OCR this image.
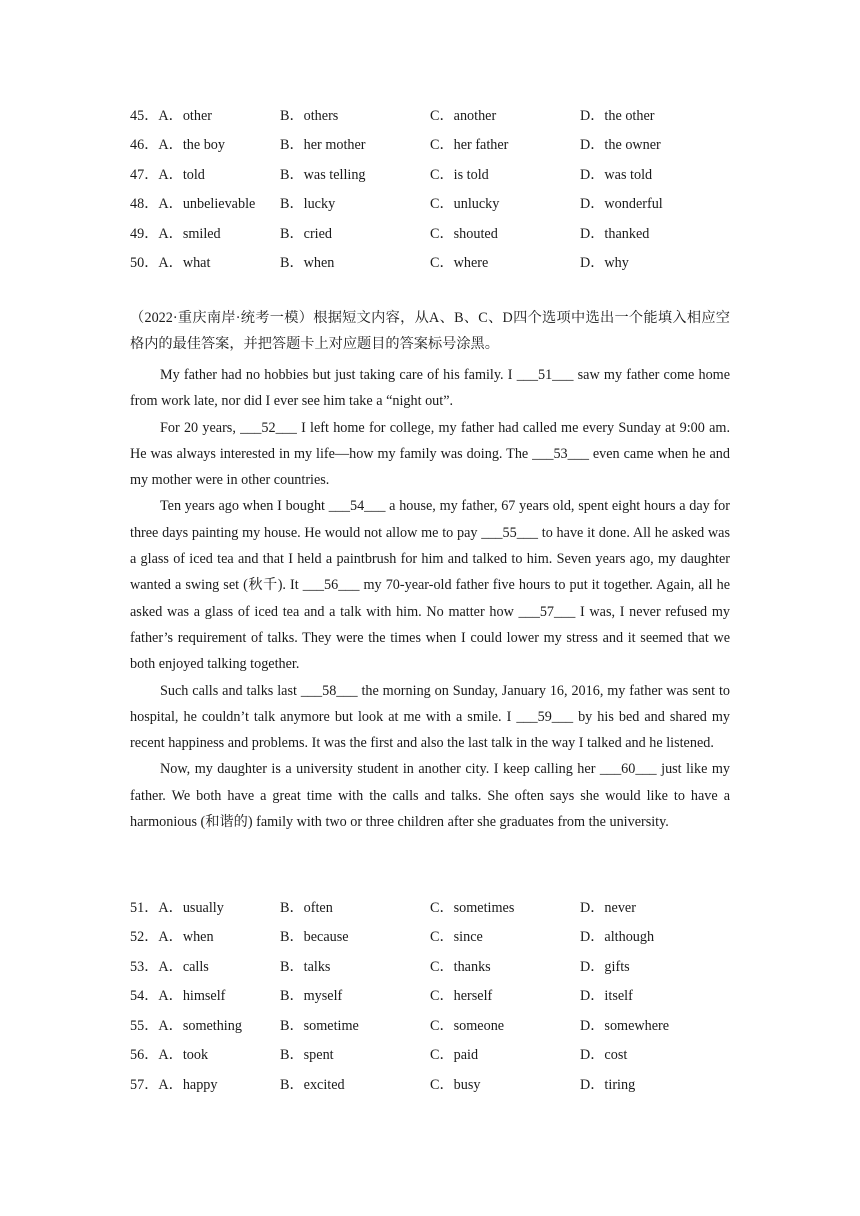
45．A．other	B．others	C．another	D．the other
46．A．the boy	B．her mother	C．her father	D．the owner
47．A．told	B．was telling	C．is told	D．was told
48．A．unbelievable	B．lucky	C．unlucky	D．wonderful
49．A．smiled	B．cried	C．shouted	D．thanked
50．A．what	B．when	C．where	D．why
（2022·重庆南岸·统考一模）根据短文内容，从A、B、C、D四个选项中选出一个能填入相应空格内的最佳答案，并把答题卡上对应题目的答案标号涂黑。

My father had no hobbies but just taking care of his family. I ___51___ saw my father come home from work late, nor did I ever see him take a “night out”.

For 20 years, ___52___ I left home for college, my father had called me every Sunday at 9:00 am. He was always interested in my life—how my family was doing. The ___53___ even came when he and my mother were in other countries.

Ten years ago when I bought ___54___ a house, my father, 67 years old, spent eight hours a day for three days painting my house. He would not allow me to pay ___55___ to have it done. All he asked was a glass of iced tea and that I held a paintbrush for him and talked to him. Seven years ago, my daughter wanted a swing set (秋千). It ___56___ my 70-year-old father five hours to put it together. Again, all he asked was a glass of iced tea and a talk with him. No matter how ___57___ I was, I never refused my father’s requirement of talks. They were the times when I could lower my stress and it seemed that we both enjoyed talking together.

Such calls and talks last ___58___ the morning on Sunday, January 16, 2016, my father was sent to hospital, he couldn’t talk anymore but look at me with a smile. I ___59___ by his bed and shared my recent happiness and problems. It was the first and also the last talk in the way I talked and he listened.

Now, my daughter is a university student in another city. I keep calling her ___60___ just like my father. We both have a great time with the calls and talks. She often says she would like to have a harmonious (和谐的) family with two or three children after she graduates from the university.

51．A．usually	B．often	C．sometimes	D．never
52．A．when	B．because	C．since	D．although
53．A．calls	B．talks	C．thanks	D．gifts
54．A．himself	B．myself	C．herself	D．itself
55．A．something	B．sometime	C．someone	D．somewhere
56．A．took	B．spent	C．paid	D．cost
57．A．happy	B．excited	C．busy	D．tiring
